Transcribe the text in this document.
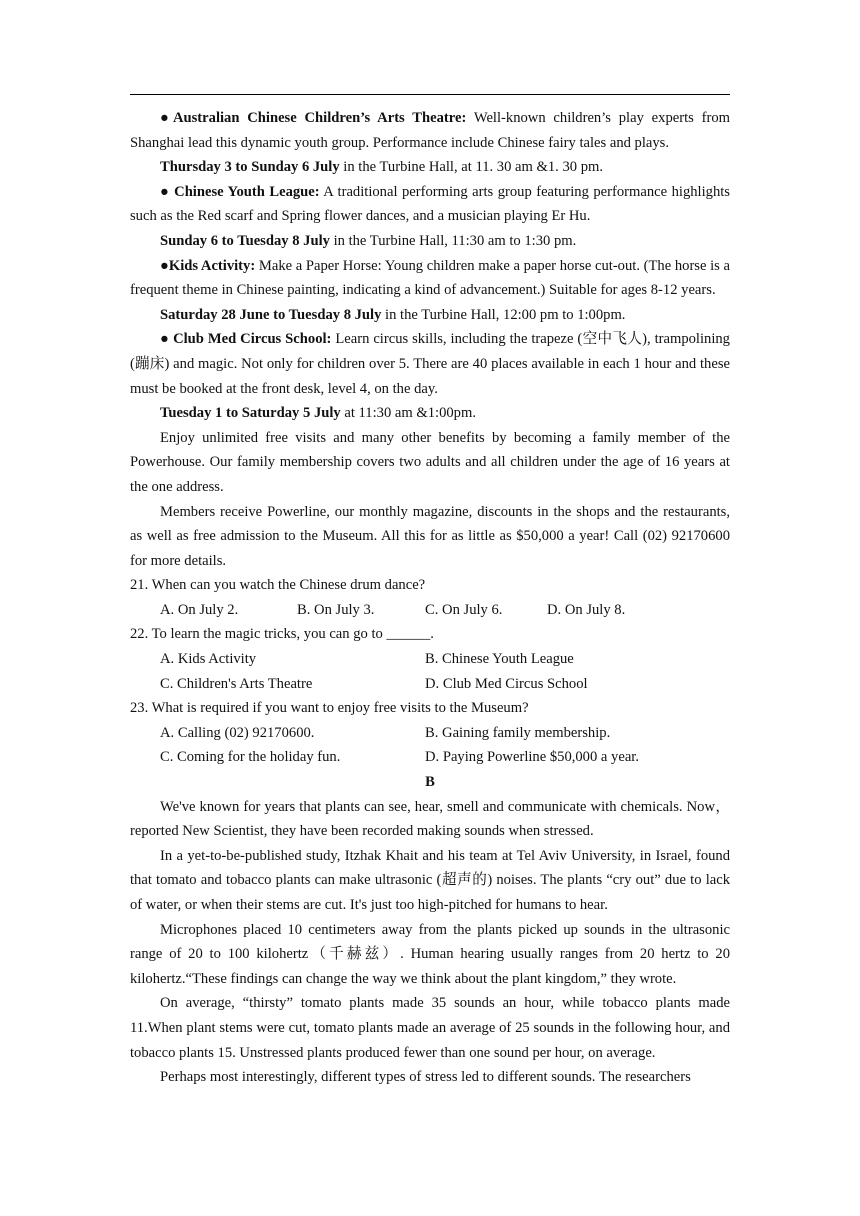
●Australian Chinese Children’s Arts Theatre: Well-known children’s play experts from Shanghai lead this dynamic youth group. Performance include Chinese fairy tales and plays.

Thursday 3 to Sunday 6 July in the Turbine Hall, at 11. 30 am &1. 30 pm.

● Chinese Youth League: A traditional performing arts group featuring performance highlights such as the Red scarf and Spring flower dances, and a musician playing Er Hu.

Sunday 6 to Tuesday 8 July in the Turbine Hall, 11:30 am to 1:30 pm.

●Kids Activity: Make a Paper Horse: Young children make a paper horse cut-out. (The horse is a frequent theme in Chinese painting, indicating a kind of advancement.) Suitable for ages 8-12 years.

Saturday 28 June to Tuesday 8 July in the Turbine Hall, 12:00 pm to 1:00pm.

● Club Med Circus School: Learn circus skills, including the trapeze (空中飞人), trampolining (蹦床) and magic. Not only for children over 5. There are 40 places available in each 1 hour and these must be booked at the front desk, level 4, on the day.

Tuesday 1 to Saturday 5 July at 11:30 am &1:00pm.

Enjoy unlimited free visits and many other benefits by becoming a family member of the Powerhouse. Our family membership covers two adults and all children under the age of 16 years at the one address.

Members receive Powerline, our monthly magazine, discounts in the shops and the restaurants, as well as free admission to the Museum. All this for as little as $50,000 a year! Call (02) 92170600 for more details.

21. When can you watch the Chinese drum dance?

A. On July 2.	B. On July 3.	C. On July 6.	D. On July 8.

22. To learn the magic tricks, you can go to ______.

A. Kids Activity	B. Chinese Youth League
C. Children's Arts Theatre	D. Club Med Circus School

23. What is required if you want to enjoy free visits to the Museum?

A. Calling (02) 92170600.	B. Gaining family membership.
C. Coming for the holiday fun.	D. Paying Powerline $50,000 a year.

B

We've known for years that plants can see, hear, smell and communicate with chemicals. Now，reported New Scientist, they have been recorded making sounds when stressed.

In a yet-to-be-published study, Itzhak Khait and his team at Tel Aviv University, in Israel, found that tomato and tobacco plants can make ultrasonic (超声的) noises. The plants “cry out” due to lack of water, or when their stems are cut. It's just too high-pitched for humans to hear.

Microphones placed 10 centimeters away from the plants picked up sounds in the ultrasonic range of 20 to 100 kilohertz（千赫兹）. Human hearing usually ranges from 20 hertz to 20 kilohertz.“These findings can change the way we think about the plant kingdom,” they wrote.

On average, “thirsty” tomato plants made 35 sounds an hour, while tobacco plants made 11.When plant stems were cut, tomato plants made an average of 25 sounds in the following hour, and tobacco plants 15. Unstressed plants produced fewer than one sound per hour, on average.

Perhaps most interestingly, different types of stress led to different sounds. The researchers
